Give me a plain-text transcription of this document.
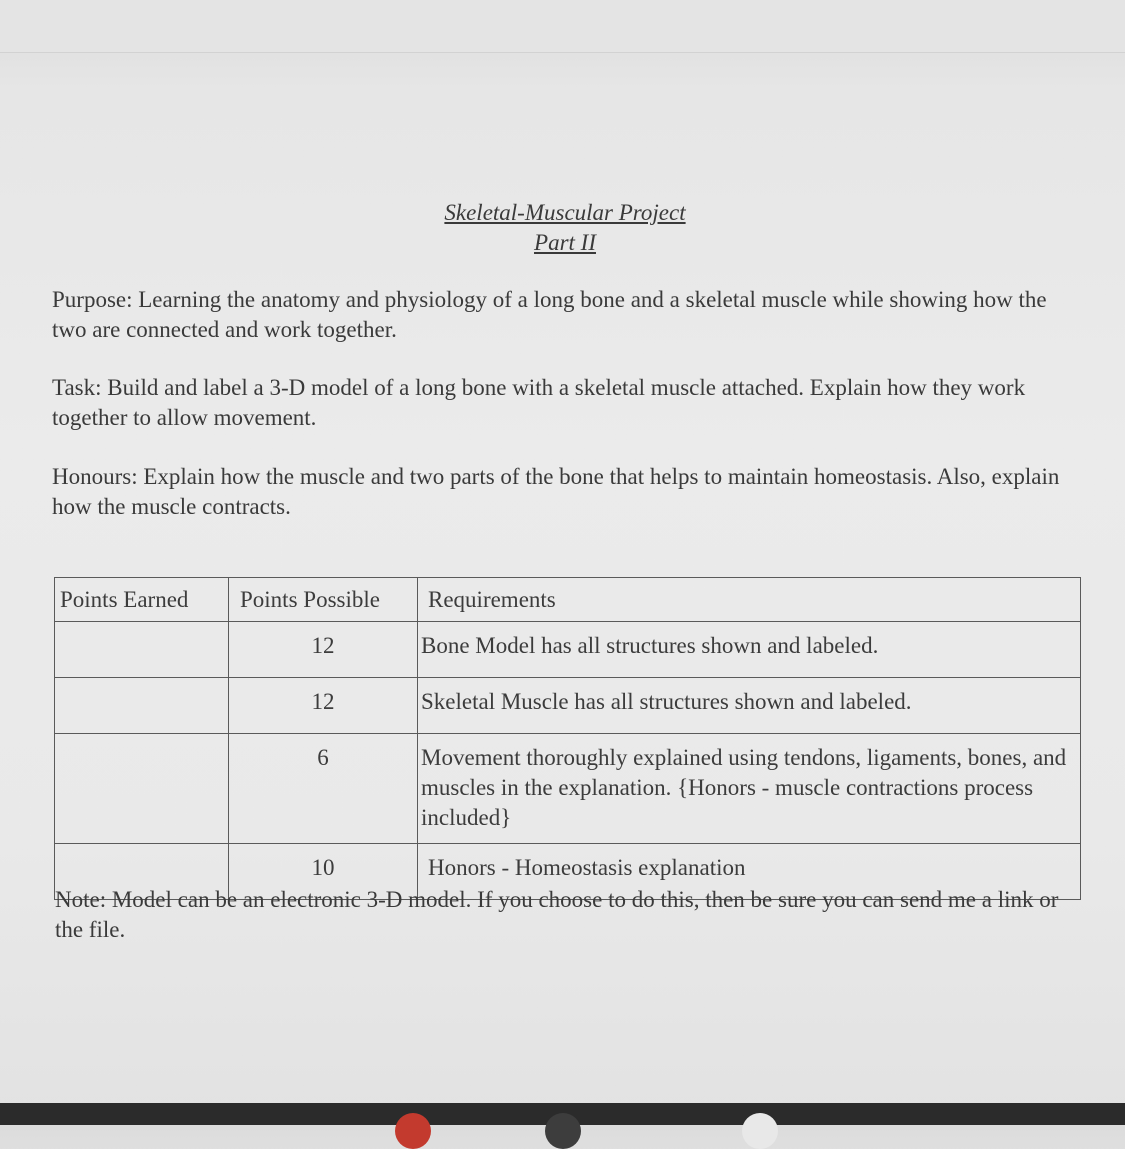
Skeletal-Muscular Project
Part II

Purpose: Learning the anatomy and physiology of a long bone and a skeletal muscle while showing how the two are connected and work together.

Task: Build and label a 3-D model of a long bone with a skeletal muscle attached. Explain how they work together to allow movement.

Honours: Explain how the muscle and two parts of the bone that helps to maintain homeostasis. Also, explain how the muscle contracts.

Points Earned	Points Possible	Requirements
	12	Bone Model has all structures shown and labeled.
	12	Skeletal Muscle has all structures shown and labeled.
	6	Movement thoroughly explained using tendons, ligaments, bones, and muscles in the explanation. {Honors - muscle contractions process included}
	10	Honors - Homeostasis explanation

Note: Model can be an electronic 3-D model. If you choose to do this, then be sure you can send me a link or the file.
